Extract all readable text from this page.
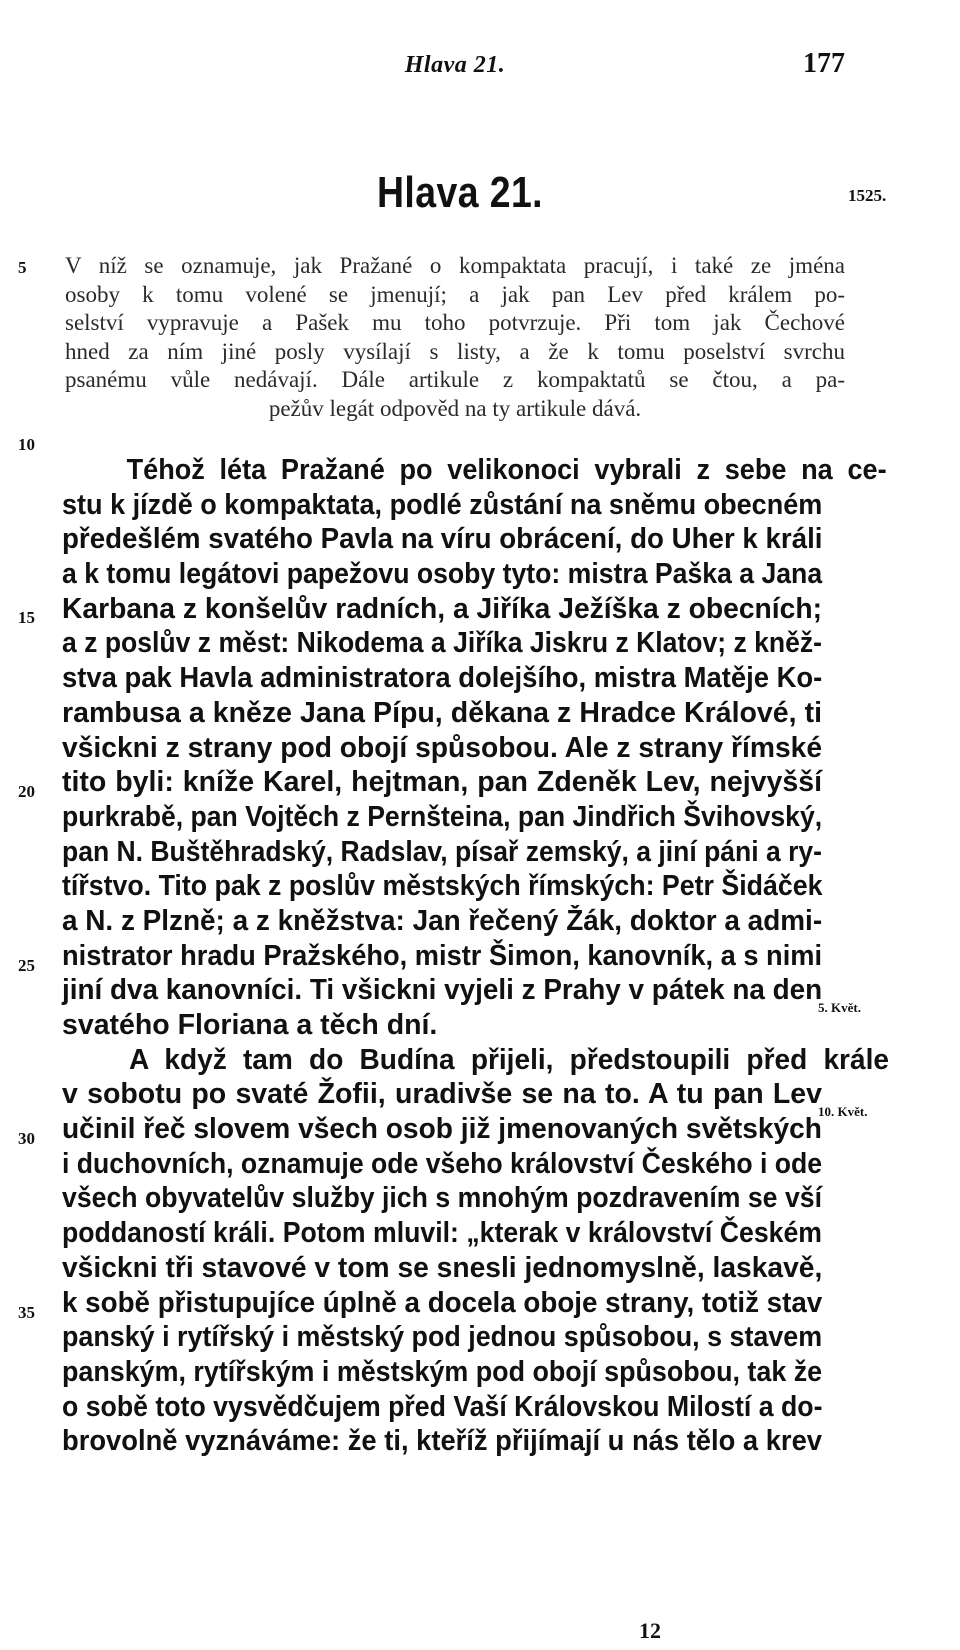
Hlava 21.	177
Hlava 21.	1525.
V níž se oznamuje, jak Pražané o kompaktata pracují, i také ze jména
osoby k tomu volené se jmenují; a jak pan Lev před králem po-
selství vypravuje a Pašek mu toho potvrzuje. Při tom jak Čechové
hned za ním jiné posly vysílají s listy, a že k tomu poselství svrchu
psanému vůle nedávají. Dále artikule z kompaktatů se čtou, a pa-
pežův legát odpověd na ty artikule dává.
5
10
15
20
25
30
35
5. Květ.
10. Květ.
Téhož léta Pražané po velikonoci vybrali z sebe na ce-
stu k jízdě o kompaktata, podlé zůstání na sněmu obecném
předešlém svatého Pavla na víru obrácení, do Uher k králi
a k tomu legátovi papežovu osoby tyto: mistra Paška a Jana
Karbana z konšelův radních, a Jiříka Ježíška z obecních;
a z poslův z měst: Nikodema a Jiříka Jiskru z Klatov; z kněž-
stva pak Havla administratora dolejšího, mistra Matěje Ko-
rambusa a kněze Jana Pípu, děkana z Hradce Králové, ti
všickni z strany pod obojí spůsobou. Ale z strany římské
tito byli: kníže Karel, hejtman, pan Zdeněk Lev, nejvyšší
purkrabě, pan Vojtěch z Pernšteina, pan Jindřich Švihovský,
pan N. Buštěhradský, Radslav, písař zemský, a jiní páni a ry-
tířstvo. Tito pak z poslův městských římských: Petr Šidáček
a N. z Plzně; a z kněžstva: Jan řečený Žák, doktor a admi-
nistrator hradu Pražského, mistr Šimon, kanovník, a s nimi
jiní dva kanovníci. Ti všickni vyjeli z Prahy v pátek na den
svatého Floriana a těch dní.
A když tam do Budína přijeli, předstoupili před krále
v sobotu po svaté Žofii, uradivše se na to. A tu pan Lev
učinil řeč slovem všech osob již jmenovaných světských
i duchovních, oznamuje ode všeho království Českého i ode
všech obyvatelův služby jich s mnohým pozdravením se vší
poddaností králi. Potom mluvil: „kterak v království Českém
všickni tři stavové v tom se snesli jednomyslně, laskavě,
k sobě přistupujíce úplně a docela oboje strany, totiž stav
panský i rytířský i městský pod jednou spůsobou, s stavem
panským, rytířským i městským pod obojí spůsobou, tak že
o sobě toto vysvědčujem před Vaší Královskou Milostí a do-
brovolně vyznáváme: že ti, kteříž přijímají u nás tělo a krev
12
